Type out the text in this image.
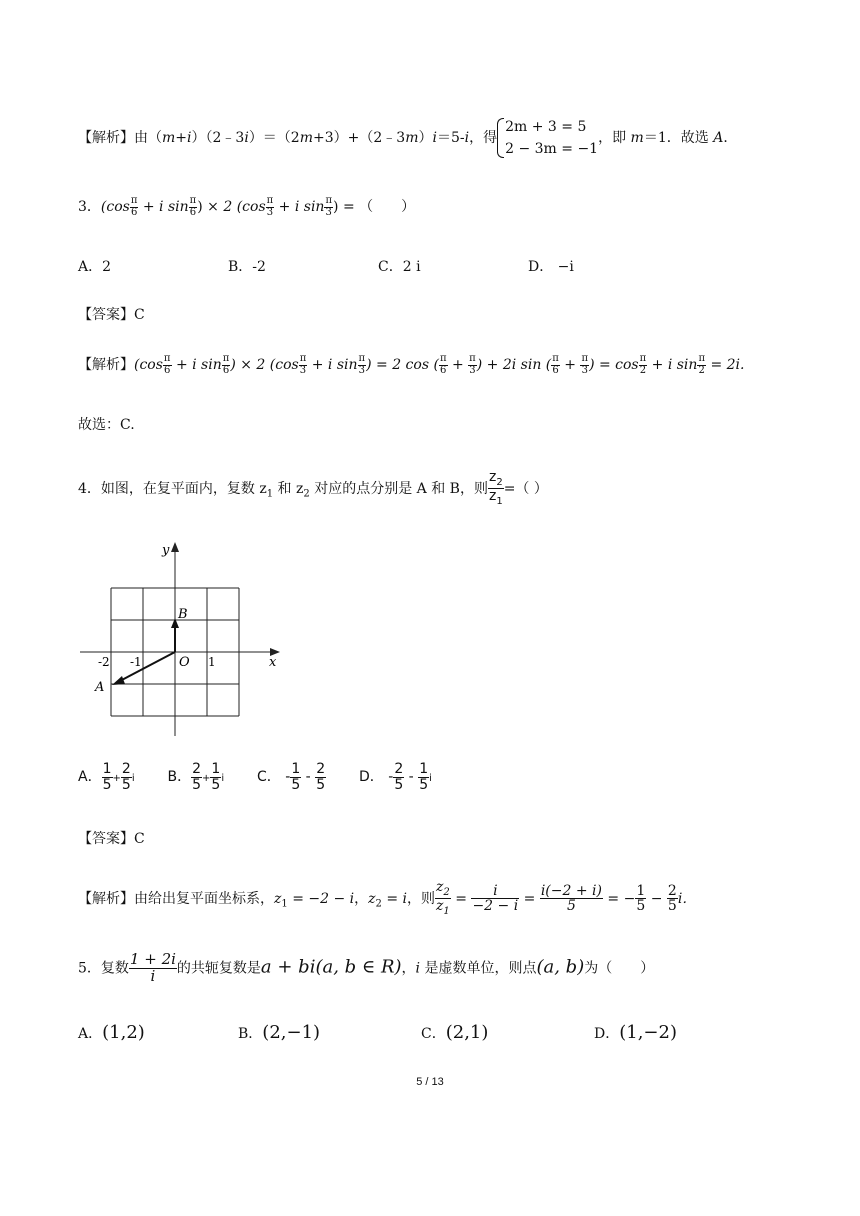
【解析】由（m+i）（2﹣3i）＝（2m+3）+（2﹣3m）i＝5-i，得
2m + 3 = 5
2 − 3m = −1
，即 m＝1．故选 A．
3．($\cos \frac{\pi}{6} + i$ $\sin \frac{\pi}{6}$ ) × 2 ($\cos \frac{\pi}{3} + i$ $\sin \frac{\pi}{3}$ ) = （　　）
A．2	B．-2	C．2 i	D． −i
【答案】C
【解析】($\cos \frac{\pi}{6} + i$ $\sin \frac{\pi}{6}$ ) × 2 ($\cos \frac{\pi}{3} + i$ $\sin \frac{\pi}{3}$ ) = 2 cos ( $\frac{\pi}{6} + \frac{\pi}{3}$ ) + 2i sin ( $\frac{\pi}{6} + \frac{\pi}{3}$ ) = $\cos \frac{\pi}{2} + i$ $\sin \frac{\pi}{2} = 2i$.
故选：C.
4．如图，在复平面内，复数 $z_1$ 和 $z_2$ 对应的点分别是 A 和 B，则 $\frac{z_2}{z_1}$ =（ ）
y
x
B
A
O
-2 -1	1
A． $\frac{1}{5} + \frac{2}{5}$ i B． $\frac{2}{5} + \frac{1}{5}$ i C． - $\frac{1}{5} - \frac{2}{5}$ D． - $\frac{2}{5} - \frac{1}{5}$ i
【答案】C
【解析】由给出复平面坐标系，$z_1 = -2 - i$，$z_2 = i$，则 $\frac{z_2}{z_1} = \frac{i}{-2 - i} = \frac{i(-2 + i)}{5}$ = − $\frac{1}{5} - \frac{2}{5}$ i．
5．复数 $\frac{1 + 2i}{i}$ 的共轭复数是a + bi(a, b ∈ R)，i 是虚数单位，则点(a, b)为（　　）
A．(1,2)	B．(2,−1)	C．(2,1)	D．(1,−2)
5 / 13
